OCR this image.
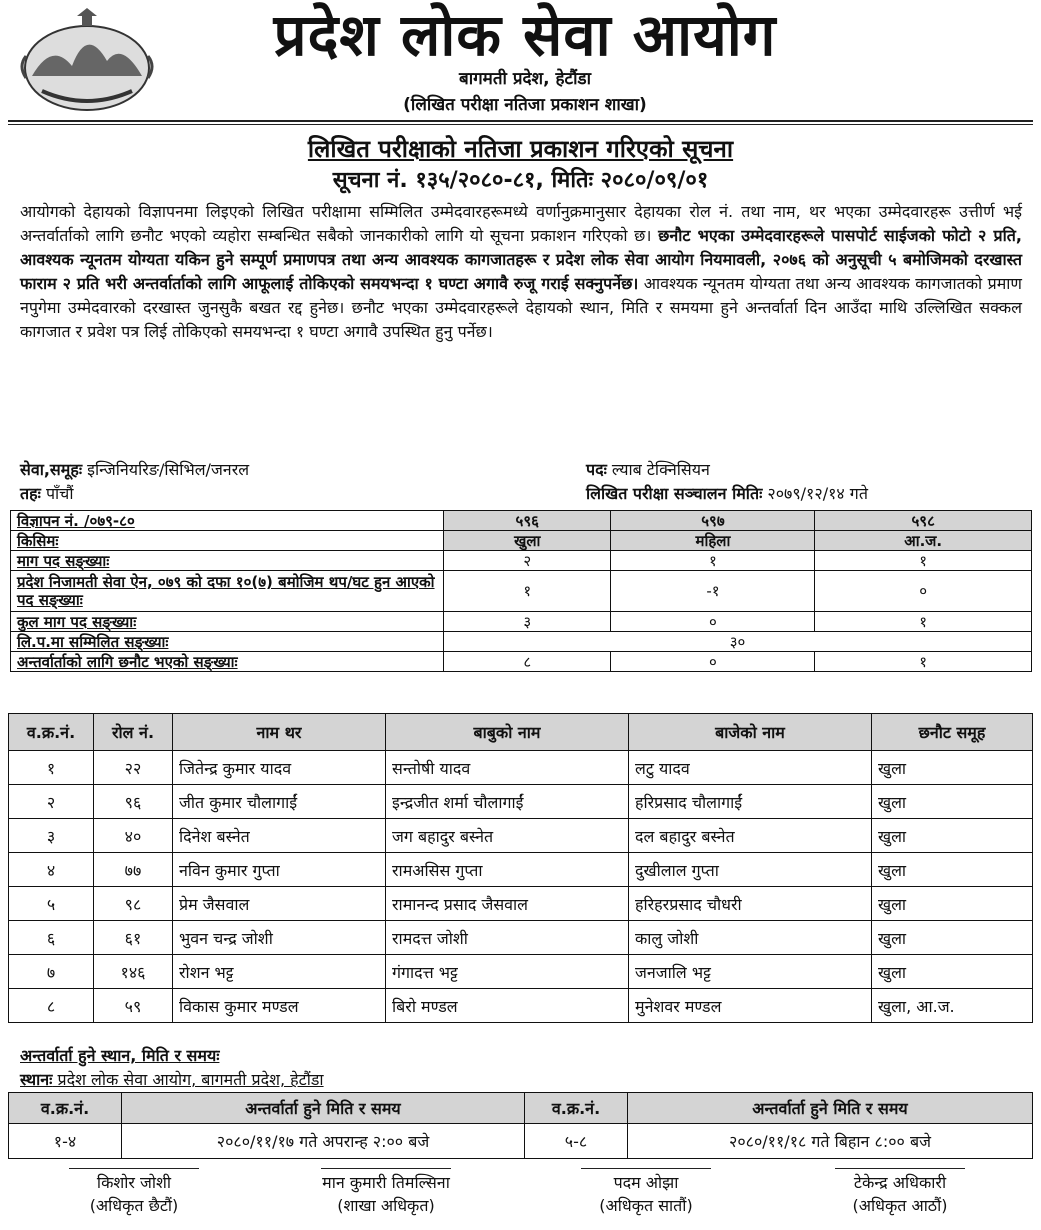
प्रदेश लोक सेवा आयोग
बागमती प्रदेश, हेटौंडा
(लिखित परीक्षा नतिजा प्रकाशन शाखा)
लिखित परीक्षाको नतिजा प्रकाशन गरिएको सूचना
सूचना नं. १३५/२०८०-८१, मितिः २०८०/०९/०१
आयोगको देहायको विज्ञापनमा लिइएको लिखित परीक्षामा सम्मिलित उम्मेदवारहरूमध्ये वर्णानुक्रमानुसार देहायका रोल नं. तथा नाम, थर भएका उम्मेदवारहरू उत्तीर्ण भई अन्तर्वार्ताको लागि छनौट भएको व्यहोरा सम्बन्धित सबैको जानकारीको लागि यो सूचना प्रकाशन गरिएको छ। छनौट भएका उम्मेदवारहरूले पासपोर्ट साईजको फोटो २ प्रति, आवश्यक न्यूनतम योग्यता यकिन हुने सम्पूर्ण प्रमाणपत्र तथा अन्य आवश्यक कागजातहरू र प्रदेश लोक सेवा आयोग नियमावली, २०७६ को अनुसूची ५ बमोजिमको दरखास्त फाराम २ प्रति भरी अन्तर्वार्ताको लागि आफूलाई तोकिएको समयभन्दा १ घण्टा अगावै रुजू गराई सक्नुपर्नेछ। आवश्यक न्यूनतम योग्यता तथा अन्य आवश्यक कागजातको प्रमाण नपुगेमा उम्मेदवारको दरखास्त जुनसुकै बखत रद्द हुनेछ। छनौट भएका उम्मेदवारहरूले देहायको स्थान, मिति र समयमा हुने अन्तर्वार्ता दिन आउँदा माथि उल्लिखित सक्कल कागजात र प्रवेश पत्र लिई तोकिएको समयभन्दा १ घण्टा अगावै उपस्थित हुनु पर्नेछ।
सेवा,समूहः इन्जिनियरिङ/सिभिल/जनरल
तहः पाँचौं
पदः ल्याब टेक्निसियन
लिखित परीक्षा सञ्चालन मितिः २०७९/१२/१४ गते
विज्ञापन नं. /०७९-८०	५९६	५९७	५९८
किसिमः	खुला	महिला	आ.ज.
माग पद सङ्ख्याः	२	१	१
प्रदेश निजामती सेवा ऐन, ०७९ को दफा १०(७) बमोजिम थप/घट हुन आएको पद सङ्ख्याः	१	-१	०
कुल माग पद सङ्ख्याः	३	०	१
लि.प.मा सम्मिलित सङ्ख्याः	३०		
अन्तर्वार्ताको लागि छनौट भएको सङ्ख्याः	८	०	१
व.क्र.नं.	रोल नं.	नाम थर	बाबुको नाम	बाजेको नाम	छनौट समूह
१	२२	जितेन्द्र कुमार यादव	सन्तोषी यादव	लटु यादव	खुला
२	९६	जीत कुमार चौलागाईं	इन्द्रजीत शर्मा चौलागाईं	हरिप्रसाद चौलागाईं	खुला
३	४०	दिनेश बस्नेत	जग बहादुर बस्नेत	दल बहादुर बस्नेत	खुला
४	७७	नविन कुमार गुप्ता	रामअसिस गुप्ता	दुखीलाल गुप्ता	खुला
५	९८	प्रेम जैसवाल	रामानन्द प्रसाद जैसवाल	हरिहरप्रसाद चौधरी	खुला
६	६१	भुवन चन्द्र जोशी	रामदत्त जोशी	कालु जोशी	खुला
७	१४६	रोशन भट्ट	गंगादत्त भट्ट	जनजालि भट्ट	खुला
८	५९	विकास कुमार मण्डल	बिरो मण्डल	मुनेशवर मण्डल	खुला, आ.ज.
अन्तर्वार्ता हुने स्थान, मिति र समयः
स्थानः प्रदेश लोक सेवा आयोग, बागमती प्रदेश, हेटौंडा
व.क्र.नं.	अन्तर्वार्ता हुने मिति र समय	व.क्र.नं.	अन्तर्वार्ता हुने मिति र समय
१-४	२०८०/११/१७ गते अपरान्ह २:०० बजे	५-८	२०८०/११/१८ गते बिहान ८:०० बजे
किशोर जोशी
(अधिकृत छैटौं)
मान कुमारी तिमल्सिना
(शाखा अधिकृत)
पदम ओझा
(अधिकृत सातौं)
टेकेन्द्र अधिकारी
(अधिकृत आठौं)
